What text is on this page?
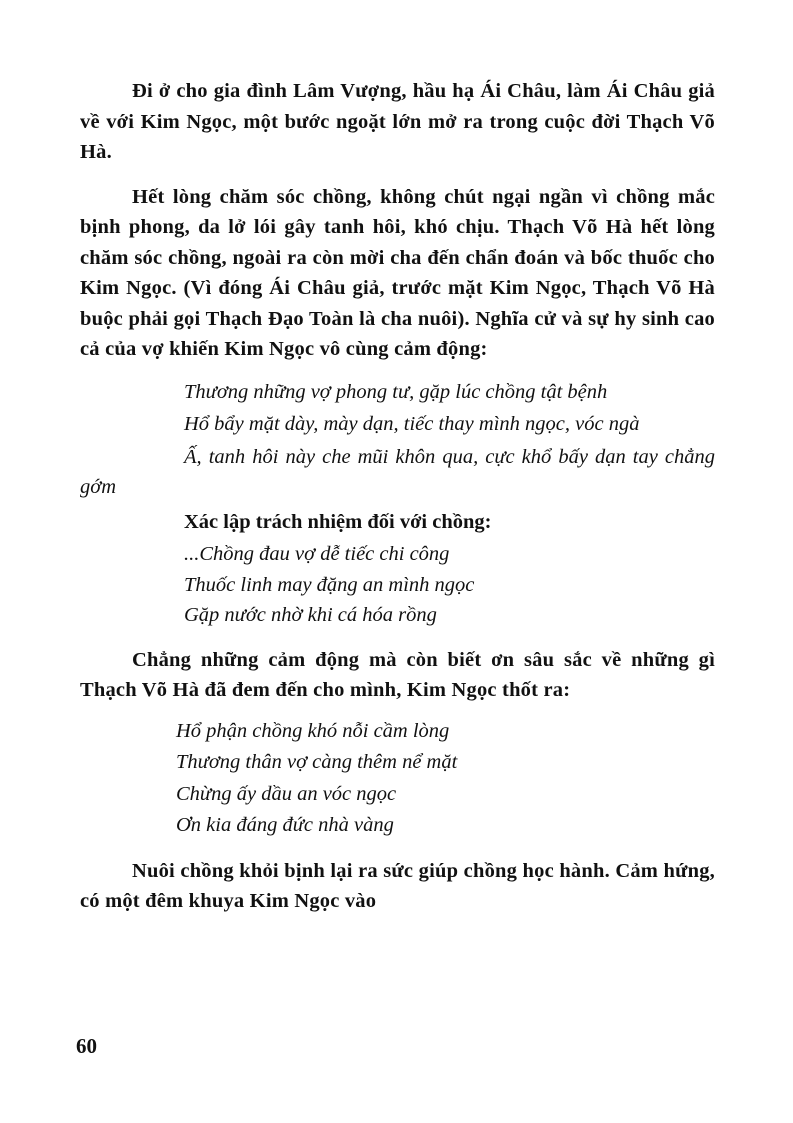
Đi ở cho gia đình Lâm Vượng, hầu hạ Ái Châu, làm Ái Châu giả về với Kim Ngọc, một bước ngoặt lớn mở ra trong cuộc đời Thạch Võ Hà.

Hết lòng chăm sóc chồng, không chút ngại ngần vì chồng mắc bịnh phong, da lở lói gây tanh hôi, khó chịu. Thạch Võ Hà hết lòng chăm sóc chồng, ngoài ra còn mời cha đến chẩn đoán và bốc thuốc cho Kim Ngọc. (Vì đóng Ái Châu giả, trước mặt Kim Ngọc, Thạch Võ Hà buộc phải gọi Thạch Đạo Toàn là cha nuôi). Nghĩa cử và sự hy sinh cao cả của vợ khiến Kim Ngọc vô cùng cảm động:

Thương những vợ phong tư, gặp lúc chồng tật bệnh

Hổ bẩy mặt dày, mày dạn, tiếc thay mình ngọc, vóc ngà

Ấ, tanh hôi này che mũi khôn qua, cực khổ bấy dạn tay chẳng gớm

Xác lập trách nhiệm đối với chồng:

...Chồng đau vợ dễ tiếc chi công

Thuốc linh may đặng an mình ngọc

Gặp nước nhờ khi cá hóa rồng

Chẳng những cảm động mà còn biết ơn sâu sắc về những gì Thạch Võ Hà đã đem đến cho mình, Kim Ngọc thốt ra:

Hổ phận chồng khó nỗi cầm lòng

Thương thân vợ càng thêm nể mặt

Chừng ấy dầu an vóc ngọc

Ơn kia đáng đức nhà vàng

Nuôi chồng khỏi bịnh lại ra sức giúp chồng học hành. Cảm hứng, có một đêm khuya Kim Ngọc vào

60
